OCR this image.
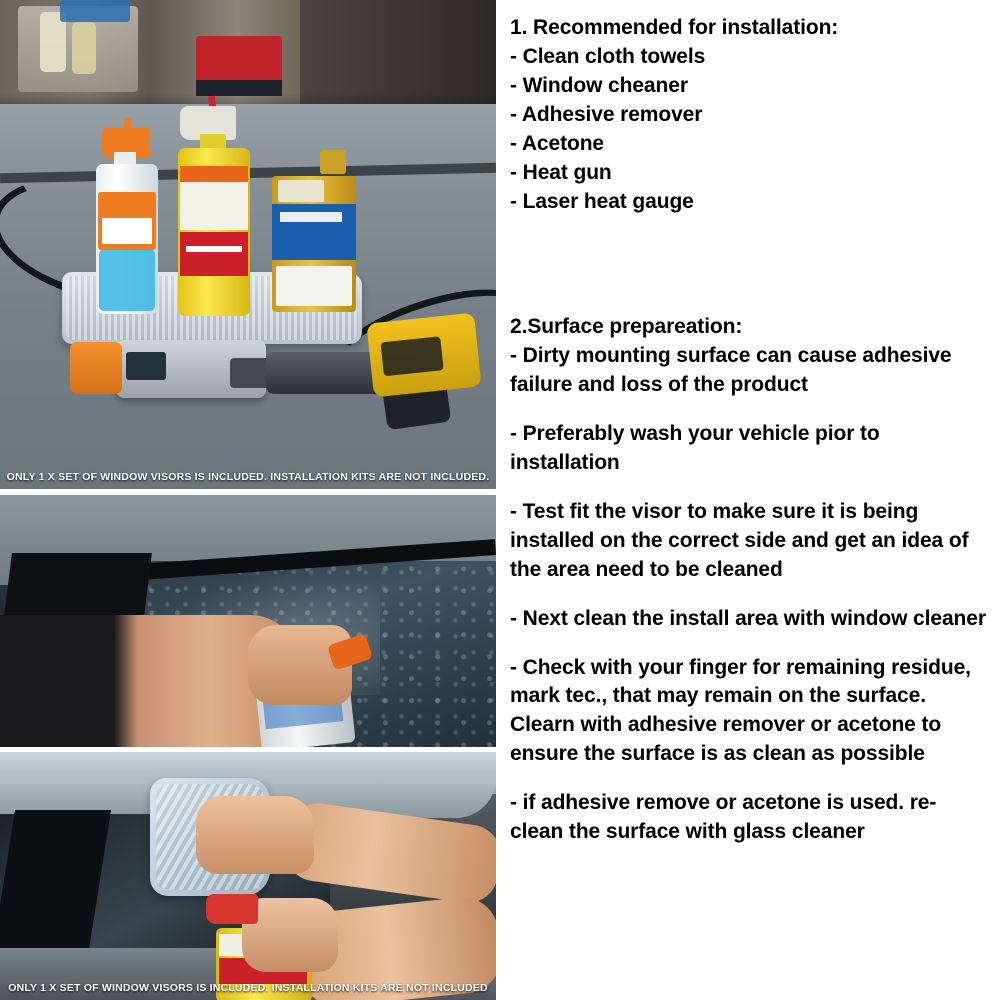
ONLY 1 X SET OF WINDOW VISORS IS INCLUDED. INSTALLATION KITS ARE NOT INCLUDED.
ONLY 1 X SET OF WINDOW VISORS IS INCLUDED. INSTALLATION KITS ARE NOT INCLUDED

1. Recommended for installation:

- Clean cloth towels

- Window cheaner

- Adhesive remover

- Acetone

- Heat gun

- Laser heat gauge

2.Surface prepareation:

- Dirty mounting surface can cause adhesive failure and loss of the product

- Preferably wash your vehicle pior to installation

- Test fit the visor to make sure it is being installed on the correct side and get an idea of the area need to be cleaned

- Next clean the install area with window cleaner

- Check with your finger for remaining residue, mark tec., that may remain on the surface. Clearn with adhesive remover or acetone to ensure the surface is as clean as possible

- if adhesive remove or acetone is used. re-clean the surface with glass cleaner
